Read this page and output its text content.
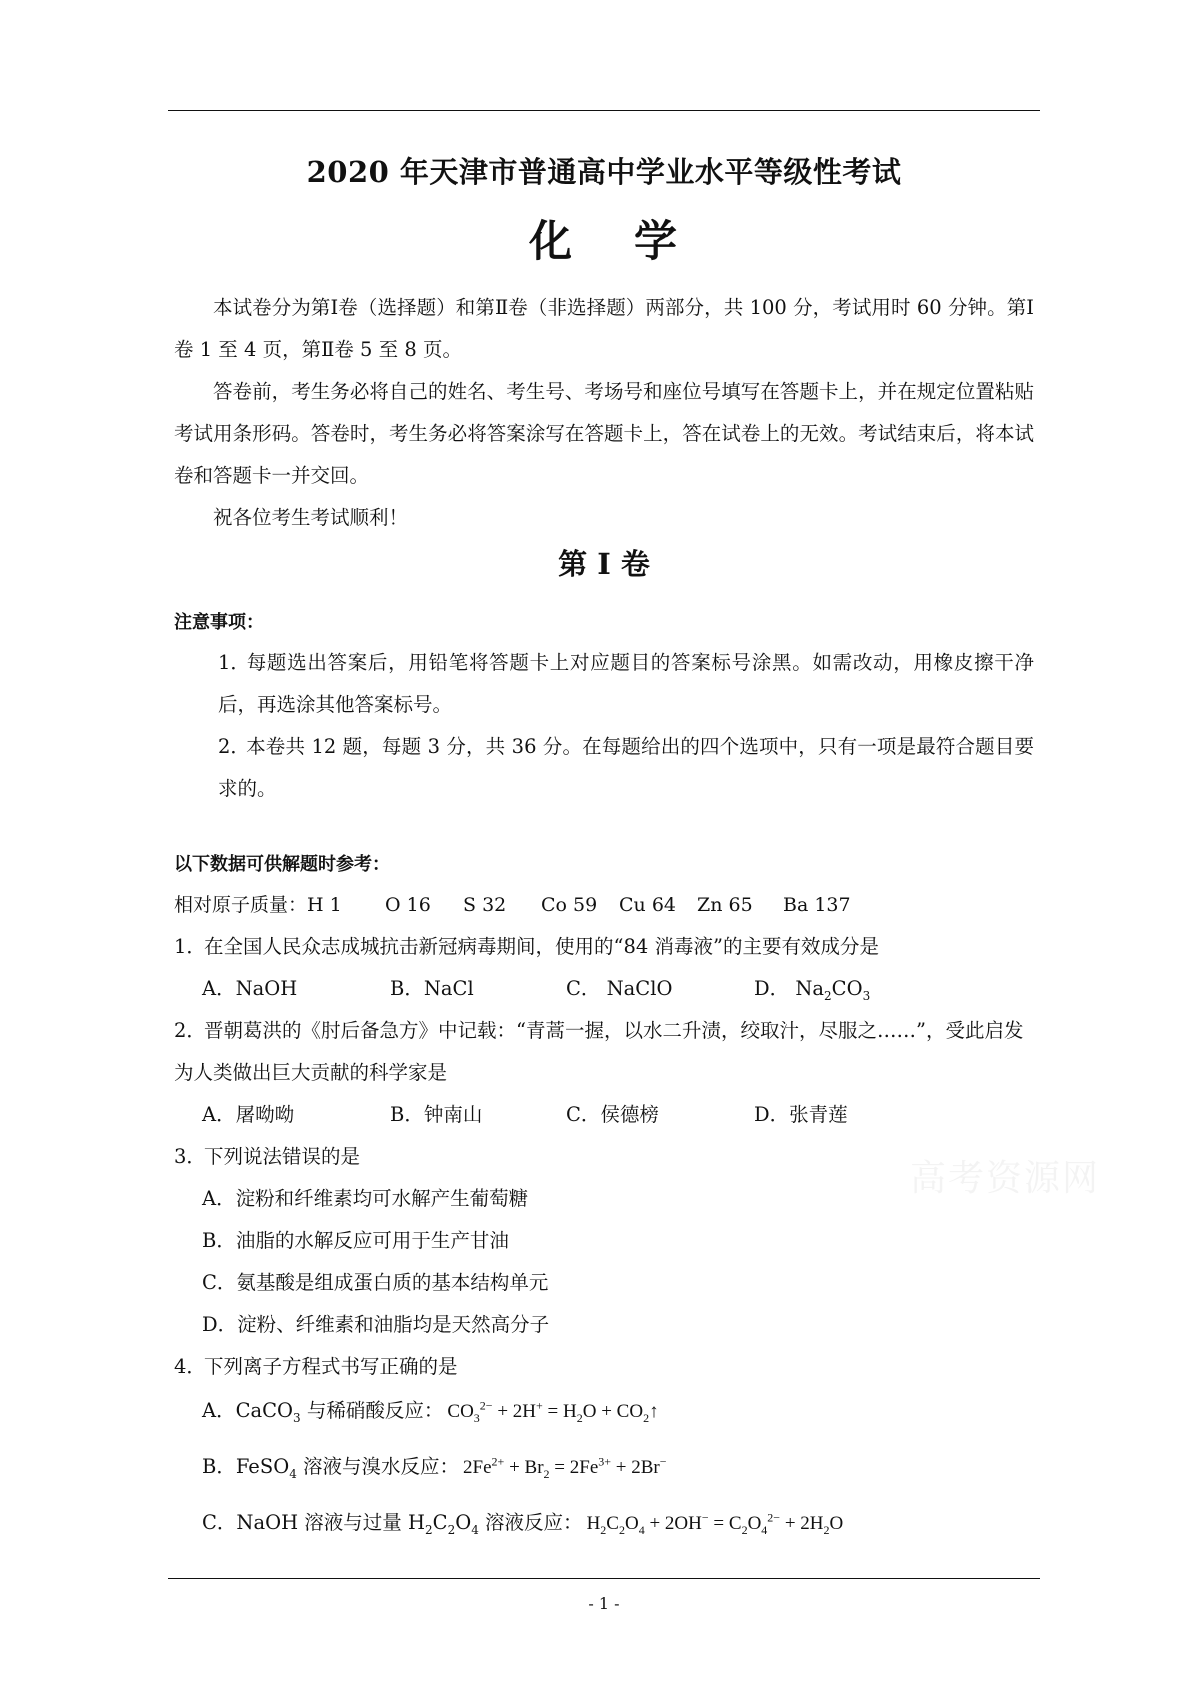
2020 年天津市普通高中学业水平等级性考试
化 学

本试卷分为第Ⅰ卷（选择题）和第Ⅱ卷（非选择题）两部分，共 100 分，考试用时 60 分钟。第Ⅰ卷 1 至 4 页，第Ⅱ卷 5 至 8 页。

答卷前，考生务必将自己的姓名、考生号、考场号和座位号填写在答题卡上，并在规定位置粘贴考试用条形码。答卷时，考生务必将答案涂写在答题卡上，答在试卷上的无效。考试结束后，将本试卷和答题卡一并交回。

祝各位考生考试顺利！

第 I 卷
注意事项：
1．每题选出答案后，用铅笔将答题卡上对应题目的答案标号涂黑。如需改动，用橡皮擦干净后，再选涂其他答案标号。
2．本卷共 12 题，每题 3 分，共 36 分。在每题给出的四个选项中，只有一项是最符合题目要求的。
以下数据可供解题时参考：
相对原子质量：H 1 O 16 S 32 Co 59 Cu 64 Zn 65 Ba 137
1．在全国人民众志成城抗击新冠病毒期间，使用的“84 消毒液”的主要有效成分是
A．NaOH	B．NaCl	C． NaClO	D． $Na_2CO_3$
2．晋朝葛洪的《肘后备急方》中记载：“青蒿一握，以水二升渍，绞取汁，尽服之……”，受此启发为人类做出巨大贡献的科学家是
A．屠呦呦	B．钟南山	C．侯德榜	D．张青莲
3．下列说法错误的是
A．淀粉和纤维素均可水解产生葡萄糖
B．油脂的水解反应可用于生产甘油
C．氨基酸是组成蛋白质的基本结构单元
D．淀粉、纤维素和油脂均是天然高分子
4．下列离子方程式书写正确的是
A．CaCO$_3$ 与稀硝酸反应： $CO_3^{2-} + 2H^+ = H_2O$ + $CO_2↑$
B．FeSO$_4$ 溶液与溴水反应： $2Fe^{2+} + Br_2 = 2Fe^{3+} + 2Br^-$
C．NaOH 溶液与过量 $H_2C_2O_4$ 溶液反应： $H_2C_2O_4 + 2OH^- = C_2O_4^{2-} + 2H_2O$
高考资源网
- 1 -
